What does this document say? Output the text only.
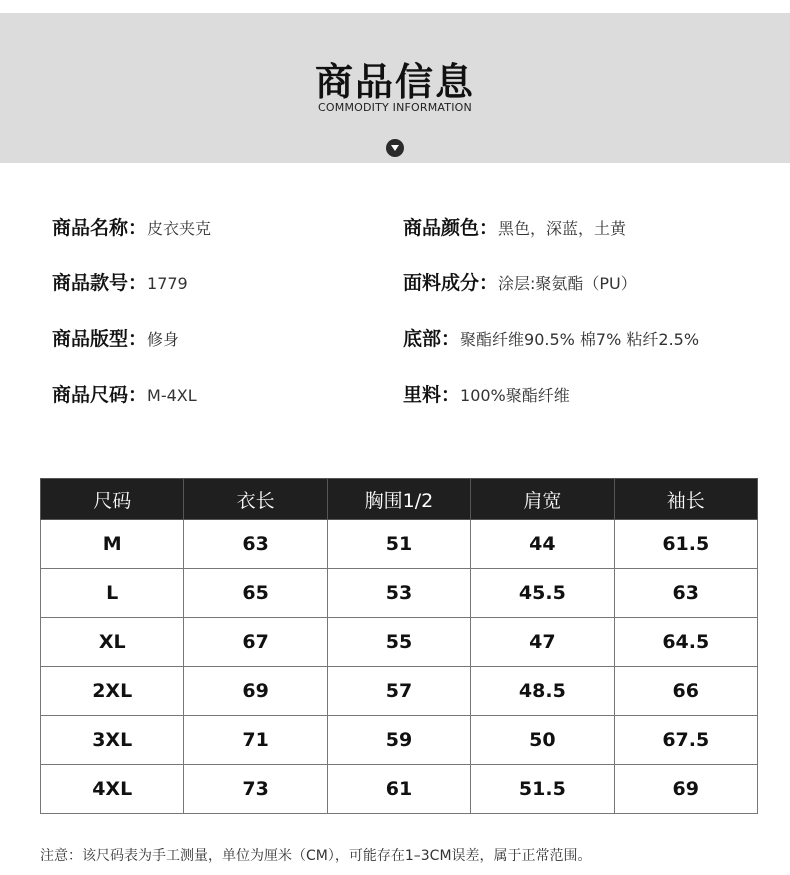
商品信息
COMMODITY INFORMATION
商品名称：皮衣夹克
商品款号：1779
商品版型：修身
商品尺码：M-4XL
商品颜色：黑色，深蓝，土黄
面料成分：涂层:聚氨酯（PU）
底部：聚酯纤维90.5% 棉7% 粘纤2.5%
里料：100%聚酯纤维
尺码	衣长	胸围1/2	肩宽	袖长
M	63	51	44	61.5
L	65	53	45.5	63
XL	67	55	47	64.5
2XL	69	57	48.5	66
3XL	71	59	50	67.5
4XL	73	61	51.5	69
注意：该尺码表为手工测量，单位为厘米（CM），可能存在1–3CM误差，属于正常范围。
